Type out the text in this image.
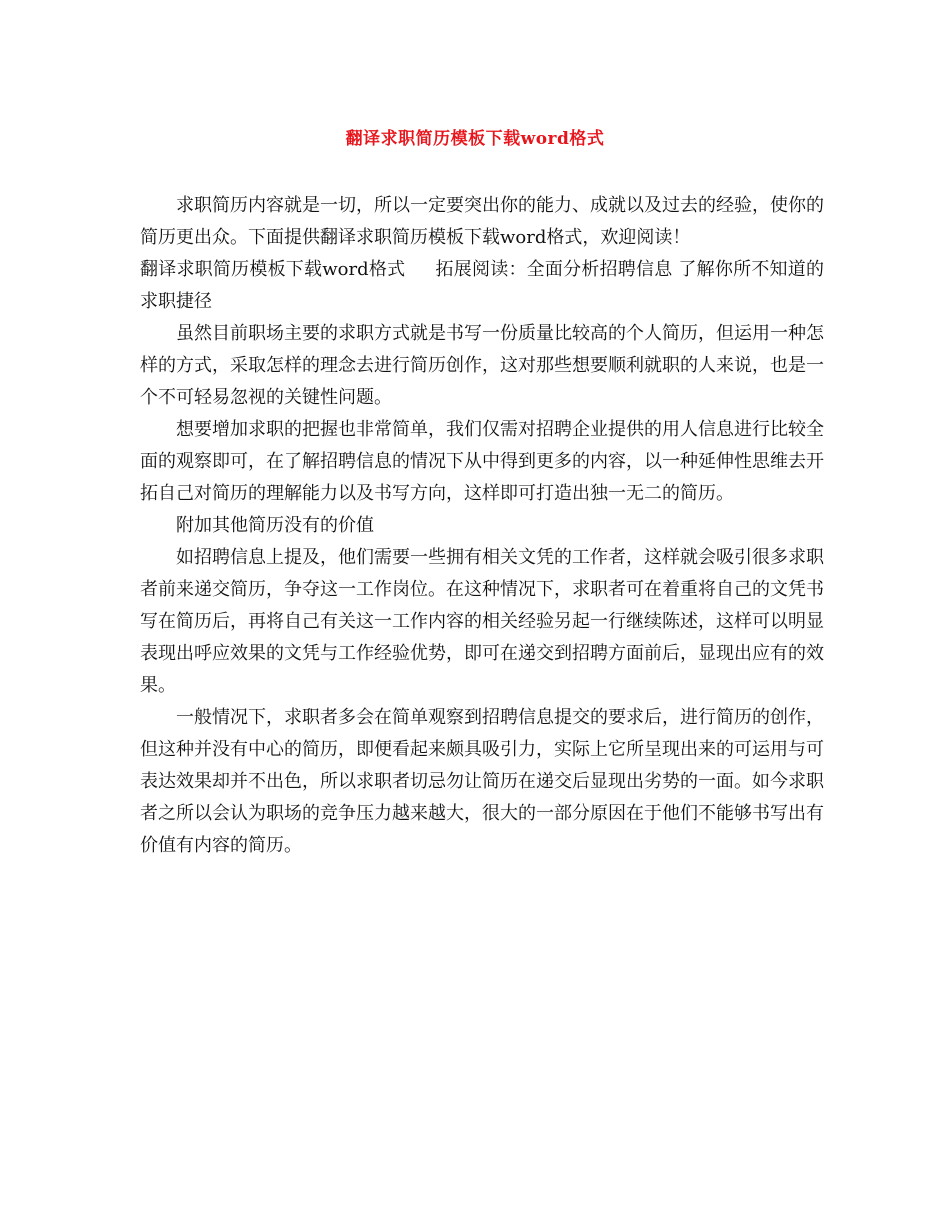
翻译求职简历模板下载word格式

求职简历内容就是一切，所以一定要突出你的能力、成就以及过去的经验，使你的简历更出众。下面提供翻译求职简历模板下载word格式，欢迎阅读！

翻译求职简历模板下载word格式 拓展阅读：全面分析招聘信息 了解你所不知道的求职捷径

虽然目前职场主要的求职方式就是书写一份质量比较高的个人简历，但运用一种怎样的方式，采取怎样的理念去进行简历创作，这对那些想要顺利就职的人来说，也是一个不可轻易忽视的关键性问题。

想要增加求职的把握也非常简单，我们仅需对招聘企业提供的用人信息进行比较全面的观察即可，在了解招聘信息的情况下从中得到更多的内容，以一种延伸性思维去开拓自己对简历的理解能力以及书写方向，这样即可打造出独一无二的简历。

附加其他简历没有的价值

如招聘信息上提及，他们需要一些拥有相关文凭的工作者，这样就会吸引很多求职者前来递交简历，争夺这一工作岗位。在这种情况下，求职者可在着重将自己的文凭书写在简历后，再将自己有关这一工作内容的相关经验另起一行继续陈述，这样可以明显表现出呼应效果的文凭与工作经验优势，即可在递交到招聘方面前后，显现出应有的效果。

一般情况下，求职者多会在简单观察到招聘信息提交的要求后，进行简历的创作，但这种并没有中心的简历，即便看起来颇具吸引力，实际上它所呈现出来的可运用与可表达效果却并不出色，所以求职者切忌勿让简历在递交后显现出劣势的一面。如今求职者之所以会认为职场的竞争压力越来越大，很大的一部分原因在于他们不能够书写出有价值有内容的简历。
